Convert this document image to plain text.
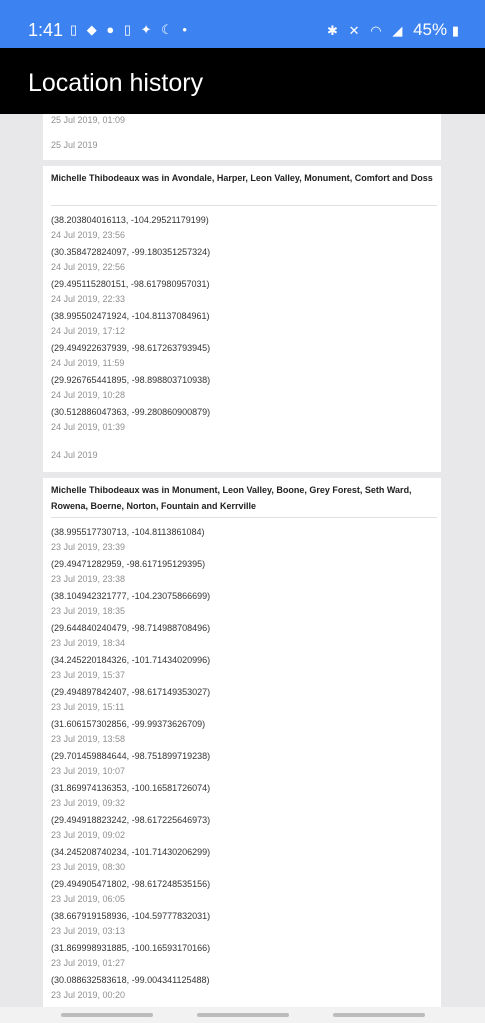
1:41 ▯ ◆ ● ▯ ✦ ☾ •	✱ ✕ ◠ ◢ 45% ▮
Location history
25 Jul 2019, 01:09
25 Jul 2019
Michelle Thibodeaux was in Avondale, Harper, Leon Valley, Monument, Comfort and Doss
(38.203804016113, -104.29521179199)
24 Jul 2019, 23:56
(30.358472824097, -99.180351257324)
24 Jul 2019, 22:56
(29.495115280151, -98.617980957031)
24 Jul 2019, 22:33
(38.995502471924, -104.81137084961)
24 Jul 2019, 17:12
(29.494922637939, -98.617263793945)
24 Jul 2019, 11:59
(29.926765441895, -98.898803710938)
24 Jul 2019, 10:28
(30.512886047363, -99.280860900879)
24 Jul 2019, 01:39
24 Jul 2019
Michelle Thibodeaux was in Monument, Leon Valley, Boone, Grey Forest, Seth Ward, Rowena, Boerne, Norton, Fountain and Kerrville
(38.995517730713, -104.8113861084)
23 Jul 2019, 23:39
(29.49471282959, -98.617195129395)
23 Jul 2019, 23:38
(38.104942321777, -104.23075866699)
23 Jul 2019, 18:35
(29.644840240479, -98.714988708496)
23 Jul 2019, 18:34
(34.245220184326, -101.71434020996)
23 Jul 2019, 15:37
(29.494897842407, -98.617149353027)
23 Jul 2019, 15:11
(31.606157302856, -99.99373626709)
23 Jul 2019, 13:58
(29.701459884644, -98.751899719238)
23 Jul 2019, 10:07
(31.869974136353, -100.16581726074)
23 Jul 2019, 09:32
(29.494918823242, -98.617225646973)
23 Jul 2019, 09:02
(34.245208740234, -101.71430206299)
23 Jul 2019, 08:30
(29.494905471802, -98.617248535156)
23 Jul 2019, 06:05
(38.667919158936, -104.59777832031)
23 Jul 2019, 03:13
(31.869998931885, -100.16593170166)
23 Jul 2019, 01:27
(30.088632583618, -99.004341125488)
23 Jul 2019, 00:20
